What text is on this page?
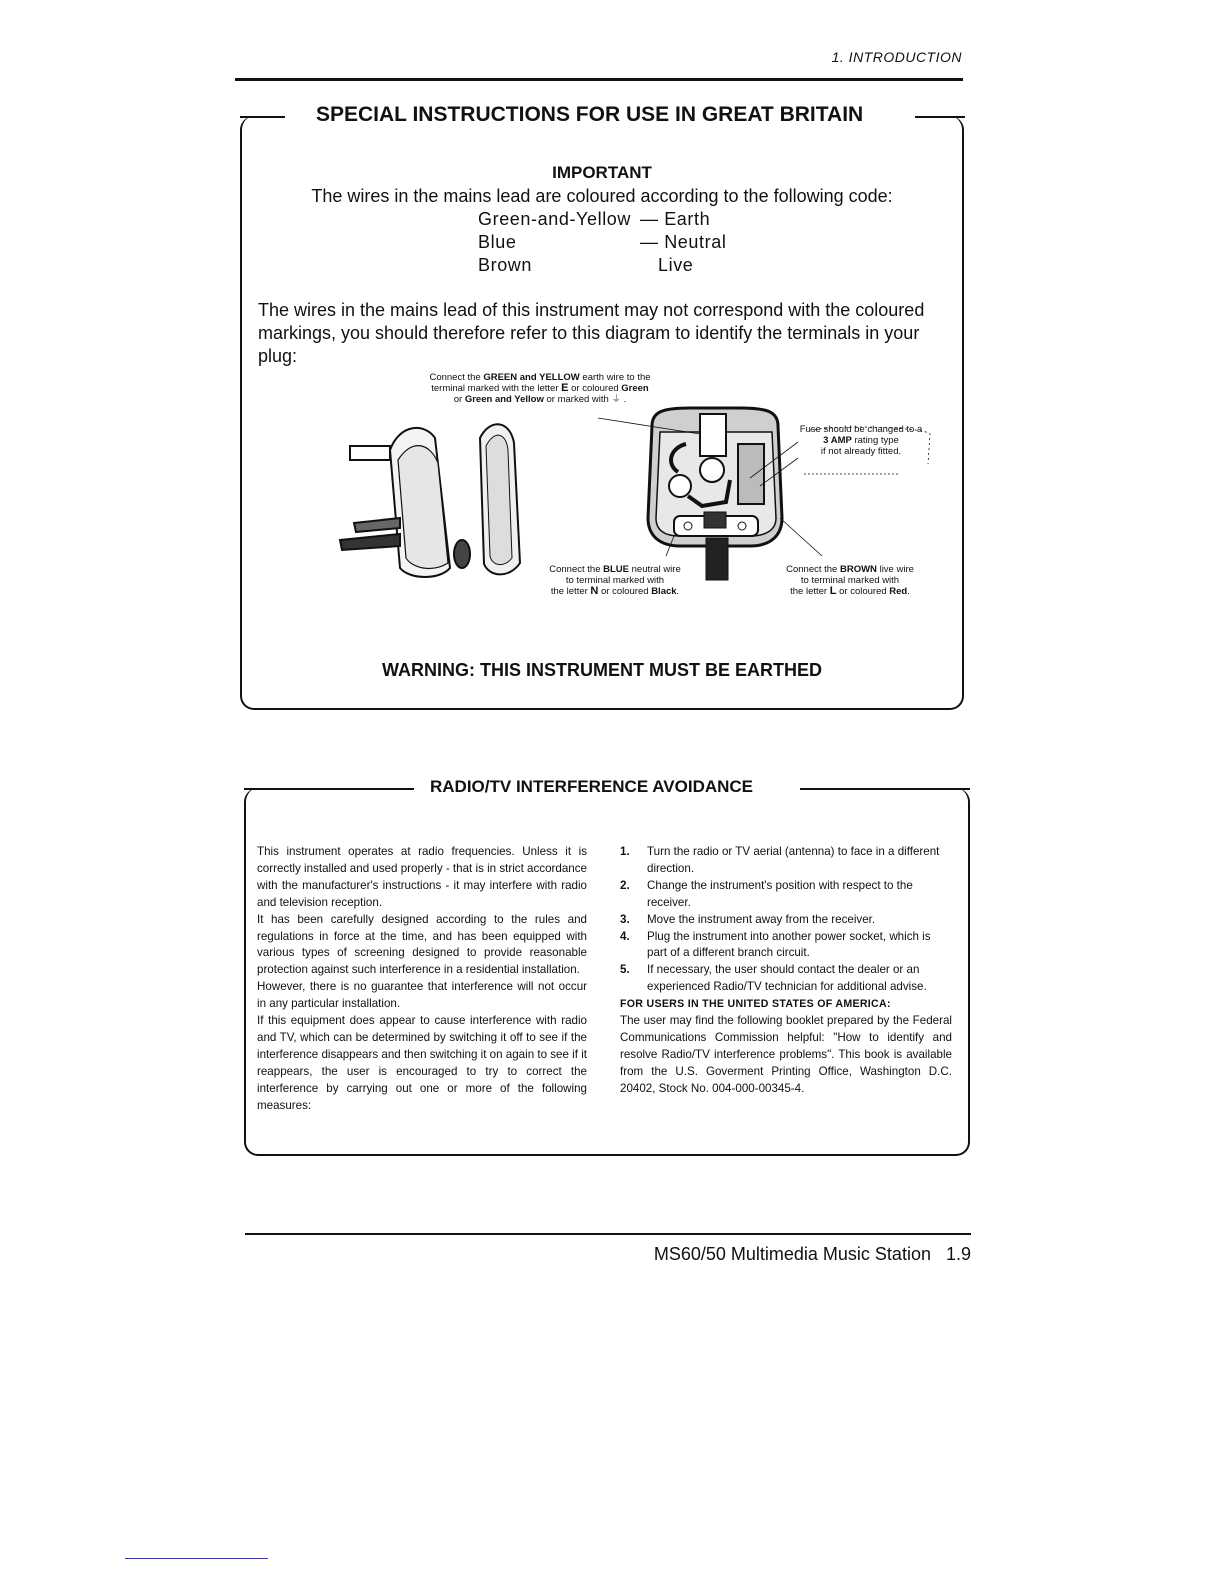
1. INTRODUCTION
SPECIAL INSTRUCTIONS FOR USE IN GREAT BRITAIN
IMPORTANT
The wires in the mains lead are coloured according to the following code:
Green-and-Yellow — Earth
Blue	— Neutral
Brown	Live
The wires in the mains lead of this instrument may not correspond with the coloured markings, you should therefore refer to this diagram to identify the terminals in your plug:
Connect the GREEN and YELLOW earth wire to the
terminal marked with the letter E or coloured Green
or Green and Yellow or marked with ⏚ .
Fuse should be changed to a
3 AMP rating type
if not already fitted.
Connect the BLUE neutral wire
to terminal marked with
the letter N or coloured Black.
Connect the BROWN live wire
to terminal marked with
the letter L or coloured Red.
WARNING: THIS INSTRUMENT MUST BE EARTHED
RADIO/TV INTERFERENCE AVOIDANCE

This instrument operates at radio frequencies. Unless it is correctly installed and used properly - that is in strict accordance with the manufacturer's instructions - it may interfere with radio and television reception.

It has been carefully designed according to the rules and regulations in force at the time, and has been equipped with various types of screening designed to provide reasonable protection against such interference in a residential installation.

However, there is no guarantee that interference will not occur in any particular installation.

If this equipment does appear to cause interference with radio and TV, which can be determined by switching it off to see if the interference disappears and then switching it on again to see if it reappears, the user is encouraged to try to correct the interference by carrying out one or more of the following measures:

1. Turn the radio or TV aerial (antenna) to face in a different direction.
2. Change the instrument's position with respect to the receiver.
3. Move the instrument away from the receiver.
4. Plug the instrument into another power socket, which is part of a different branch circuit.
5. If necessary, the user should contact the dealer or an experienced Radio/TV technician for additional advise.
FOR USERS IN THE UNITED STATES OF AMERICA:
The user may find the following booklet prepared by the Federal Communications Commission helpful: "How to identify and resolve Radio/TV interference problems". This book is available from the U.S. Goverment Printing Office, Washington D.C. 20402, Stock No. 004-000-00345-4.
MS60/50 Multimedia Music Station   1.9
